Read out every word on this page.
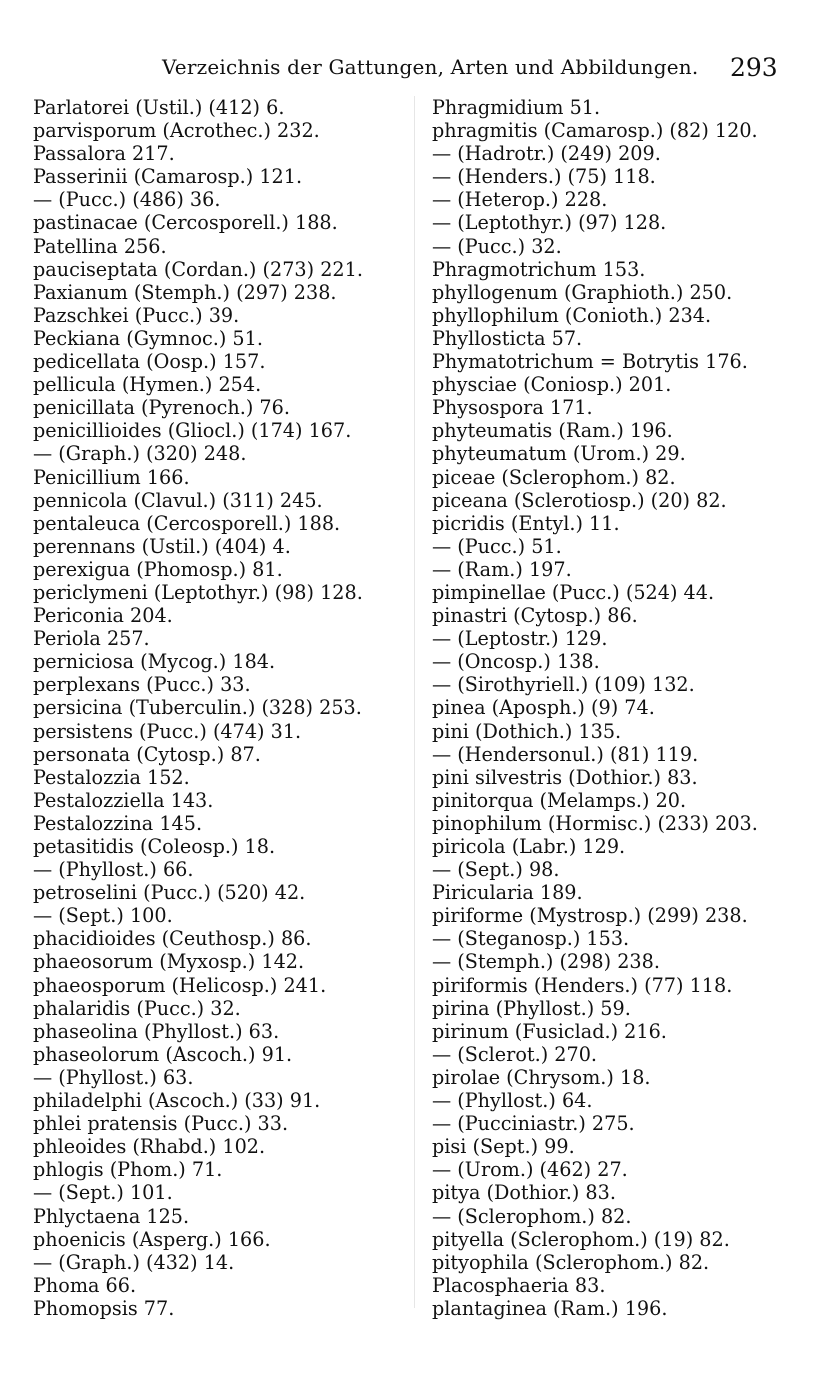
Verzeichnis der Gattungen, Arten und Abbildungen. 293
Parlatorei (Ustil.) (412) 6.
parvisporum (Acrothec.) 232.
Passalora 217.
Passerinii (Camarosp.) 121.
— (Pucc.) (486) 36.
pastinacae (Cercosporell.) 188.
Patellina 256.
pauciseptata (Cordan.) (273) 221.
Paxianum (Stemph.) (297) 238.
Pazschkei (Pucc.) 39.
Peckiana (Gymnoc.) 51.
pedicellata (Oosp.) 157.
pellicula (Hymen.) 254.
penicillata (Pyrenoch.) 76.
penicillioides (Gliocl.) (174) 167.
— (Graph.) (320) 248.
Penicillium 166.
pennicola (Clavul.) (311) 245.
pentaleuca (Cercosporell.) 188.
perennans (Ustil.) (404) 4.
perexigua (Phomosp.) 81.
periclymeni (Leptothyr.) (98) 128.
Periconia 204.
Periola 257.
perniciosa (Mycog.) 184.
perplexans (Pucc.) 33.
persicina (Tuberculin.) (328) 253.
persistens (Pucc.) (474) 31.
personata (Cytosp.) 87.
Pestalozzia 152.
Pestalozziella 143.
Pestalozzina 145.
petasitidis (Coleosp.) 18.
— (Phyllost.) 66.
petroselini (Pucc.) (520) 42.
— (Sept.) 100.
phacidioides (Ceuthosp.) 86.
phaeosorum (Myxosp.) 142.
phaeosporum (Helicosp.) 241.
phalaridis (Pucc.) 32.
phaseolina (Phyllost.) 63.
phaseolorum (Ascoch.) 91.
— (Phyllost.) 63.
philadelphi (Ascoch.) (33) 91.
phlei pratensis (Pucc.) 33.
phleoides (Rhabd.) 102.
phlogis (Phom.) 71.
— (Sept.) 101.
Phlyctaena 125.
phoenicis (Asperg.) 166.
— (Graph.) (432) 14.
Phoma 66.
Phomopsis 77.
Phragmidium 51.
phragmitis (Camarosp.) (82) 120.
— (Hadrotr.) (249) 209.
— (Henders.) (75) 118.
— (Heterop.) 228.
— (Leptothyr.) (97) 128.
— (Pucc.) 32.
Phragmotrichum 153.
phyllogenum (Graphioth.) 250.
phyllophilum (Conioth.) 234.
Phyllosticta 57.
Phymatotrichum = Botrytis 176.
physciae (Coniosp.) 201.
Physospora 171.
phyteumatis (Ram.) 196.
phyteumatum (Urom.) 29.
piceae (Sclerophom.) 82.
piceana (Sclerotiosp.) (20) 82.
picridis (Entyl.) 11.
— (Pucc.) 51.
— (Ram.) 197.
pimpinellae (Pucc.) (524) 44.
pinastri (Cytosp.) 86.
— (Leptostr.) 129.
— (Oncosp.) 138.
— (Sirothyriell.) (109) 132.
pinea (Aposph.) (9) 74.
pini (Dothich.) 135.
— (Hendersonul.) (81) 119.
pini silvestris (Dothior.) 83.
pinitorqua (Melamps.) 20.
pinophilum (Hormisc.) (233) 203.
piricola (Labr.) 129.
— (Sept.) 98.
Piricularia 189.
piriforme (Mystrosp.) (299) 238.
— (Steganosp.) 153.
— (Stemph.) (298) 238.
piriformis (Henders.) (77) 118.
pirina (Phyllost.) 59.
pirinum (Fusiclad.) 216.
— (Sclerot.) 270.
pirolae (Chrysom.) 18.
— (Phyllost.) 64.
— (Pucciniastr.) 275.
pisi (Sept.) 99.
— (Urom.) (462) 27.
pitya (Dothior.) 83.
— (Sclerophom.) 82.
pityella (Sclerophom.) (19) 82.
pityophila (Sclerophom.) 82.
Placosphaeria 83.
plantaginea (Ram.) 196.
